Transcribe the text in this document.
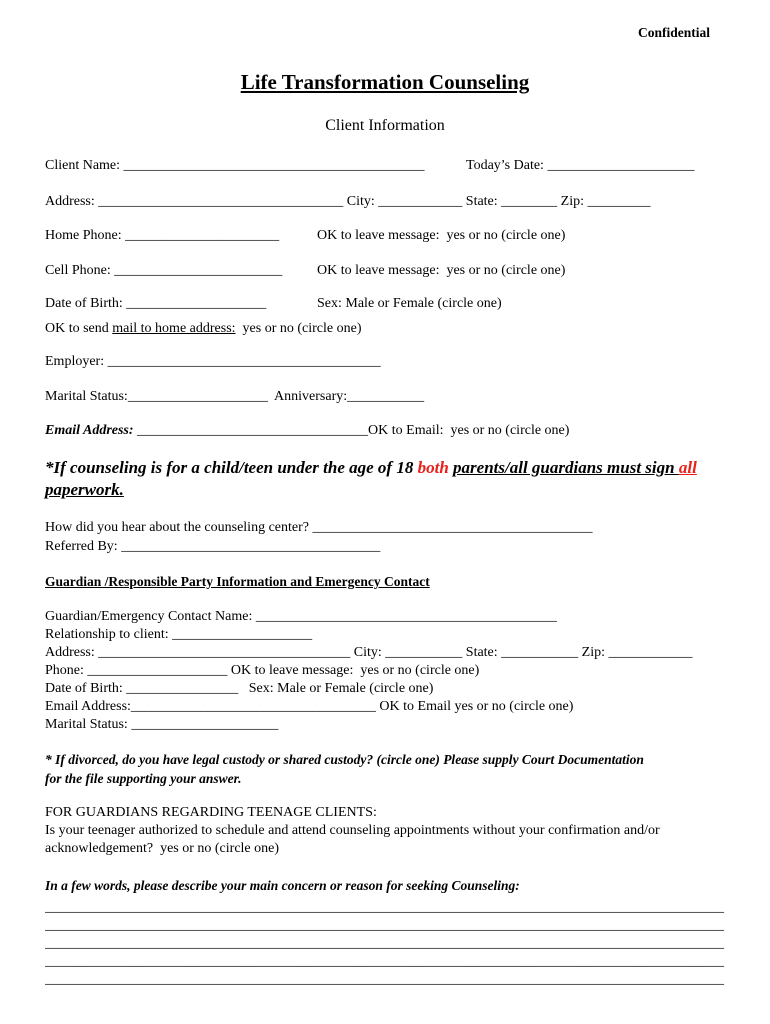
Confidential
Life Transformation Counseling
Client Information
Client Name: ___________________________________________	Today’s Date: _____________________
Address: ___________________________________ City: ____________ State: ________ Zip: _________
Home Phone: ______________________	OK to leave message:  yes or no (circle one)
Cell Phone: ________________________	OK to leave message:  yes or no (circle one)
Date of Birth: ____________________	Sex: Male or Female (circle one)
OK to send mail to home address:  yes or no (circle one)
Employer: _______________________________________
Marital Status:____________________  Anniversary:___________
Email Address: _________________________________OK to Email:  yes or no (circle one)
*If counseling is for a child/teen under the age of 18 both parents/all guardians must sign all
paperwork.
How did you hear about the counseling center? ________________________________________
Referred By: _____________________________________
Guardian /Responsible Party Information and Emergency Contact
Guardian/Emergency Contact Name: ___________________________________________
Relationship to client: ____________________
Address: ____________________________________ City: ___________ State: ___________ Zip: ____________
Phone: ____________________ OK to leave message:  yes or no (circle one)
Date of Birth: ________________   Sex: Male or Female (circle one)
Email Address:___________________________________ OK to Email yes or no (circle one)
Marital Status: _____________________
* If divorced, do you have legal custody or shared custody? (circle one) Please supply Court Documentation
for the file supporting your answer.
FOR GUARDIANS REGARDING TEENAGE CLIENTS:
Is your teenager authorized to schedule and attend counseling appointments without your confirmation and/or
acknowledgement?  yes or no (circle one)
In a few words, please describe your main concern or reason for seeking Counseling:
_________________________________________________________________________________________________
_________________________________________________________________________________________________
_________________________________________________________________________________________________
_________________________________________________________________________________________________
_________________________________________________________________________________________________
